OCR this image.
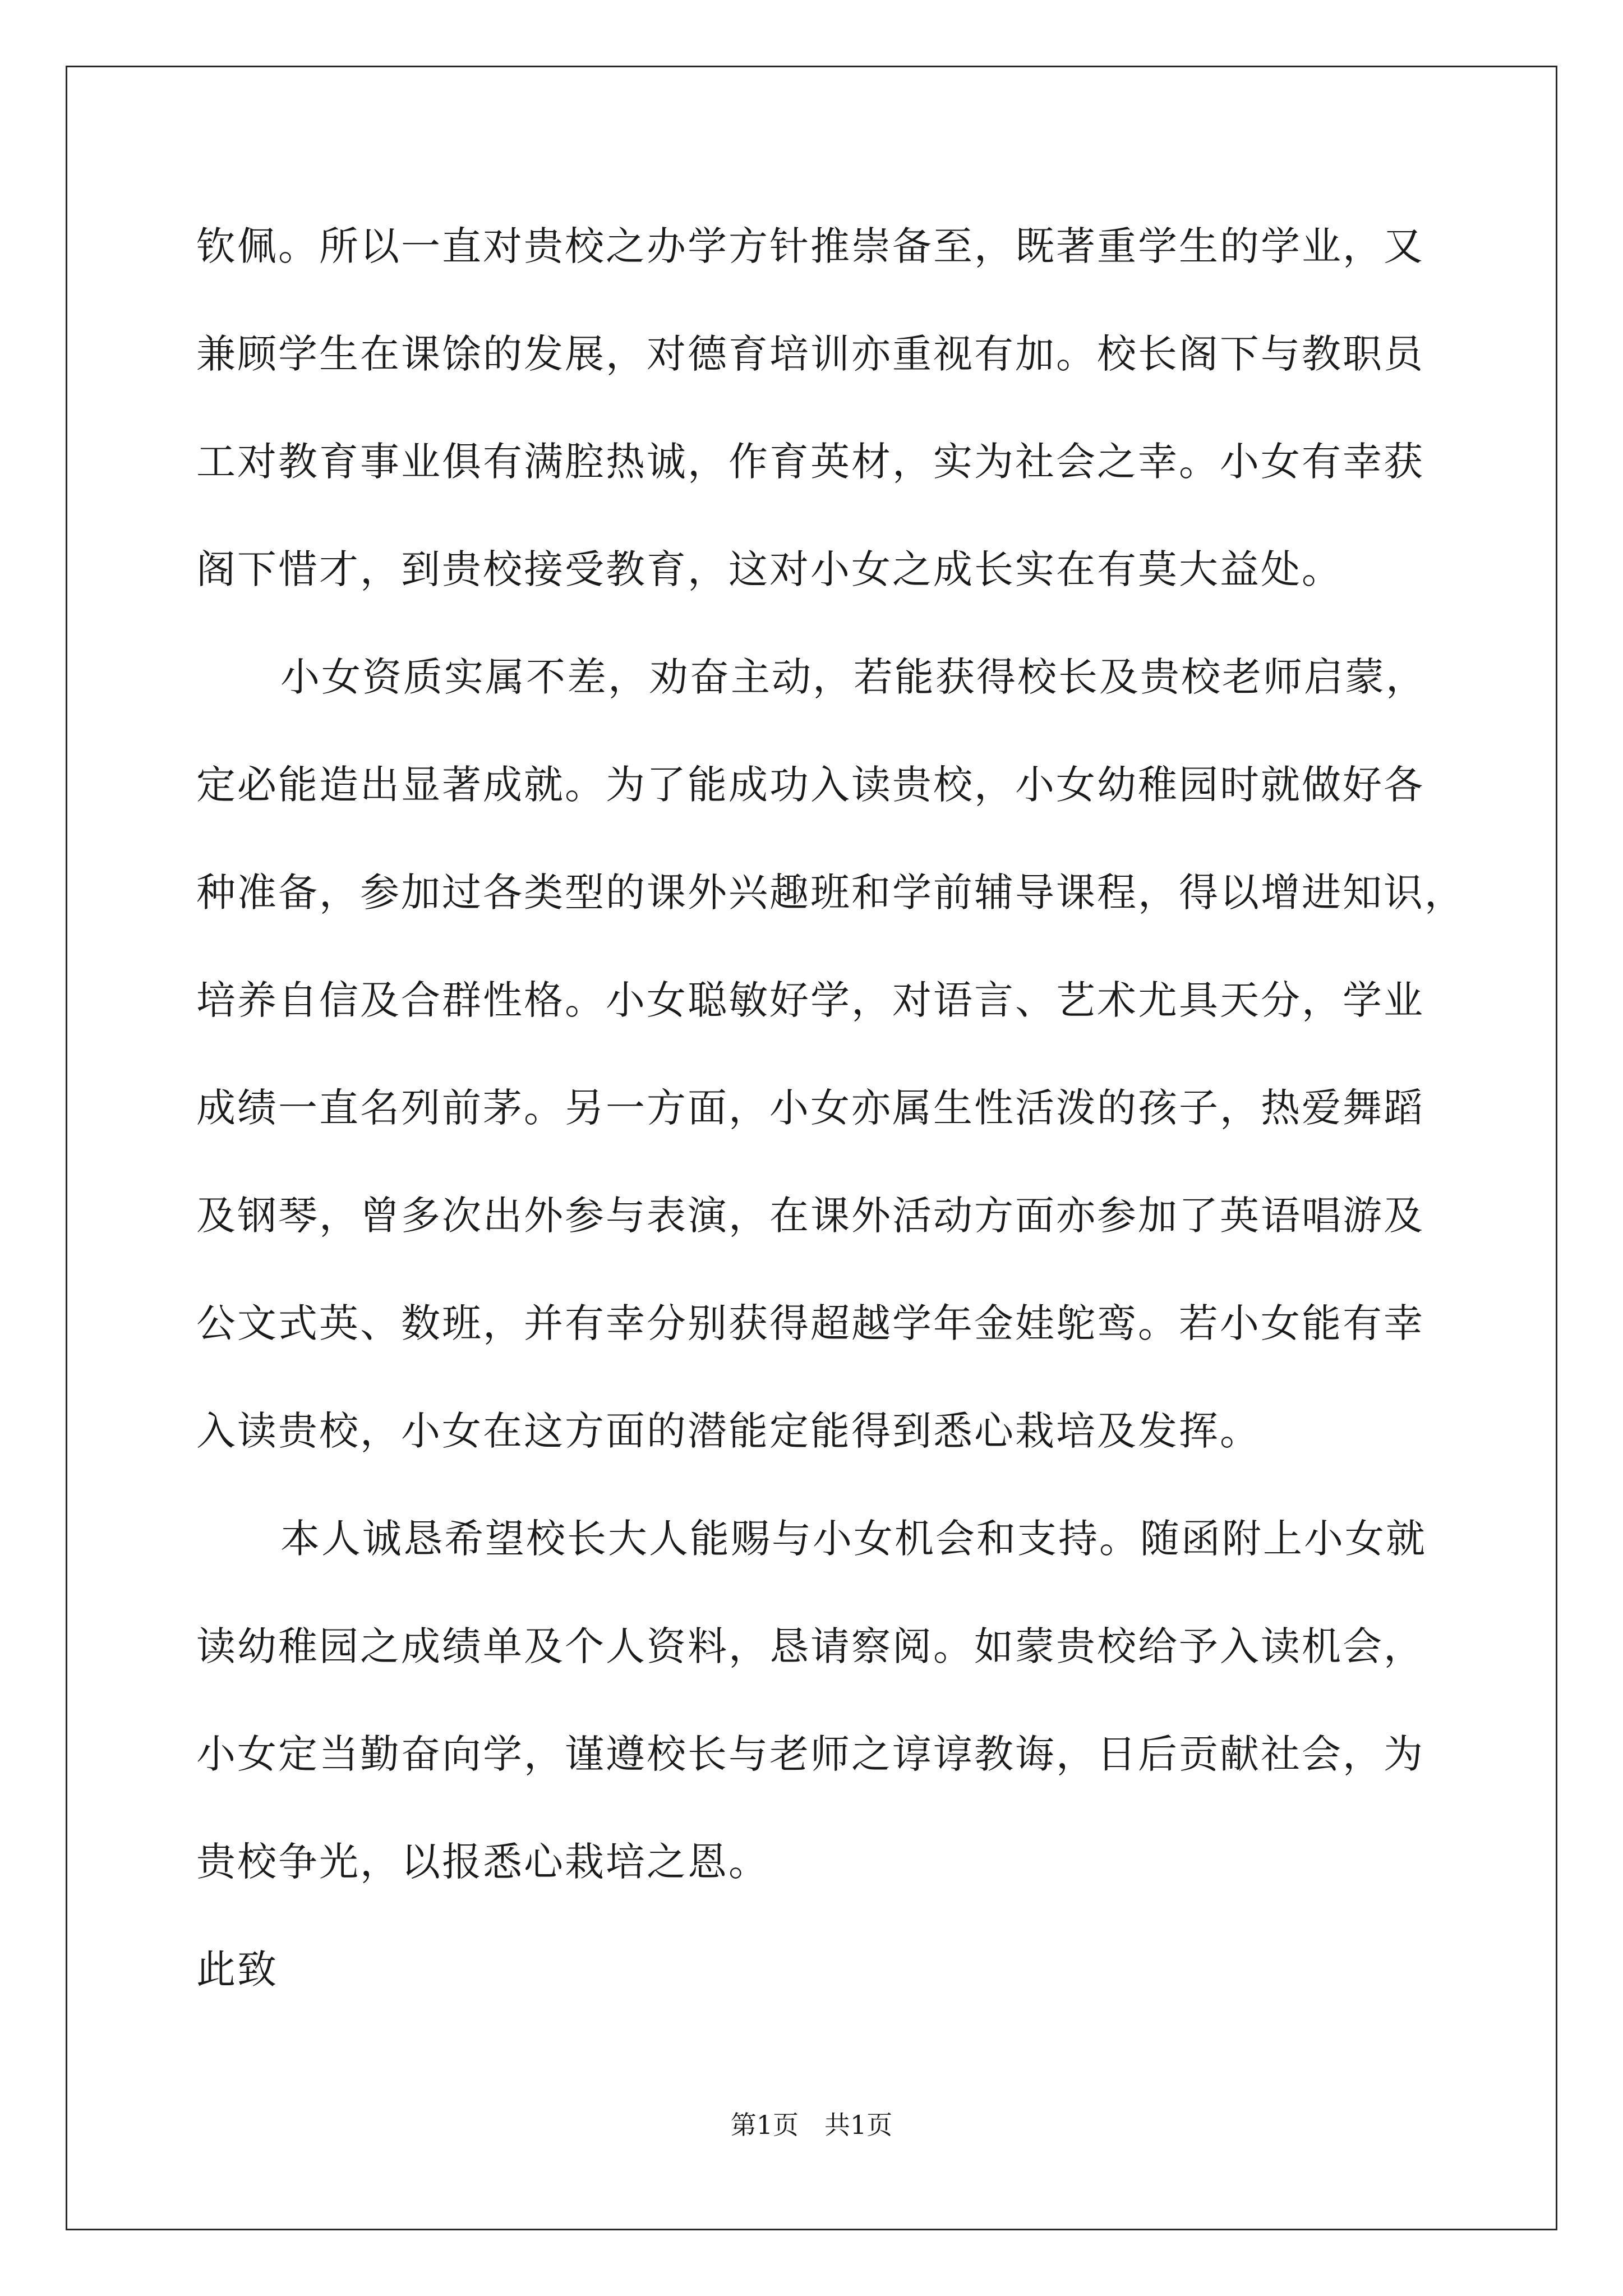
钦佩。所以一直对贵校之办学方针推崇备至，既著重学生的学业，又
兼顾学生在课馀的发展，对德育培训亦重视有加。校长阁下与教职员
工对教育事业俱有满腔热诚，作育英材，实为社会之幸。小女有幸获
阁下惜才，到贵校接受教育，这对小女之成长实在有莫大益处。
小女资质实属不差，劝奋主动，若能获得校长及贵校老师启蒙，
定必能造出显著成就。为了能成功入读贵校，小女幼稚园时就做好各
种准备，参加过各类型的课外兴趣班和学前辅导课程，得以增进知识，
培养自信及合群性格。小女聪敏好学，对语言、艺术尤具天分，学业
成绩一直名列前茅。另一方面，小女亦属生性活泼的孩子，热爱舞蹈
及钢琴，曾多次出外参与表演，在课外活动方面亦参加了英语唱游及
公文式英、数班，并有幸分别获得超越学年金娃鸵鸾。若小女能有幸
入读贵校，小女在这方面的潜能定能得到悉心栽培及发挥。
本人诚恳希望校长大人能赐与小女机会和支持。随函附上小女就
读幼稚园之成绩单及个人资料，恳请察阅。如蒙贵校给予入读机会，
小女定当勤奋向学，谨遵校长与老师之谆谆教诲，日后贡献社会，为
贵校争光，以报悉心栽培之恩。
此致
第1页 共1页
